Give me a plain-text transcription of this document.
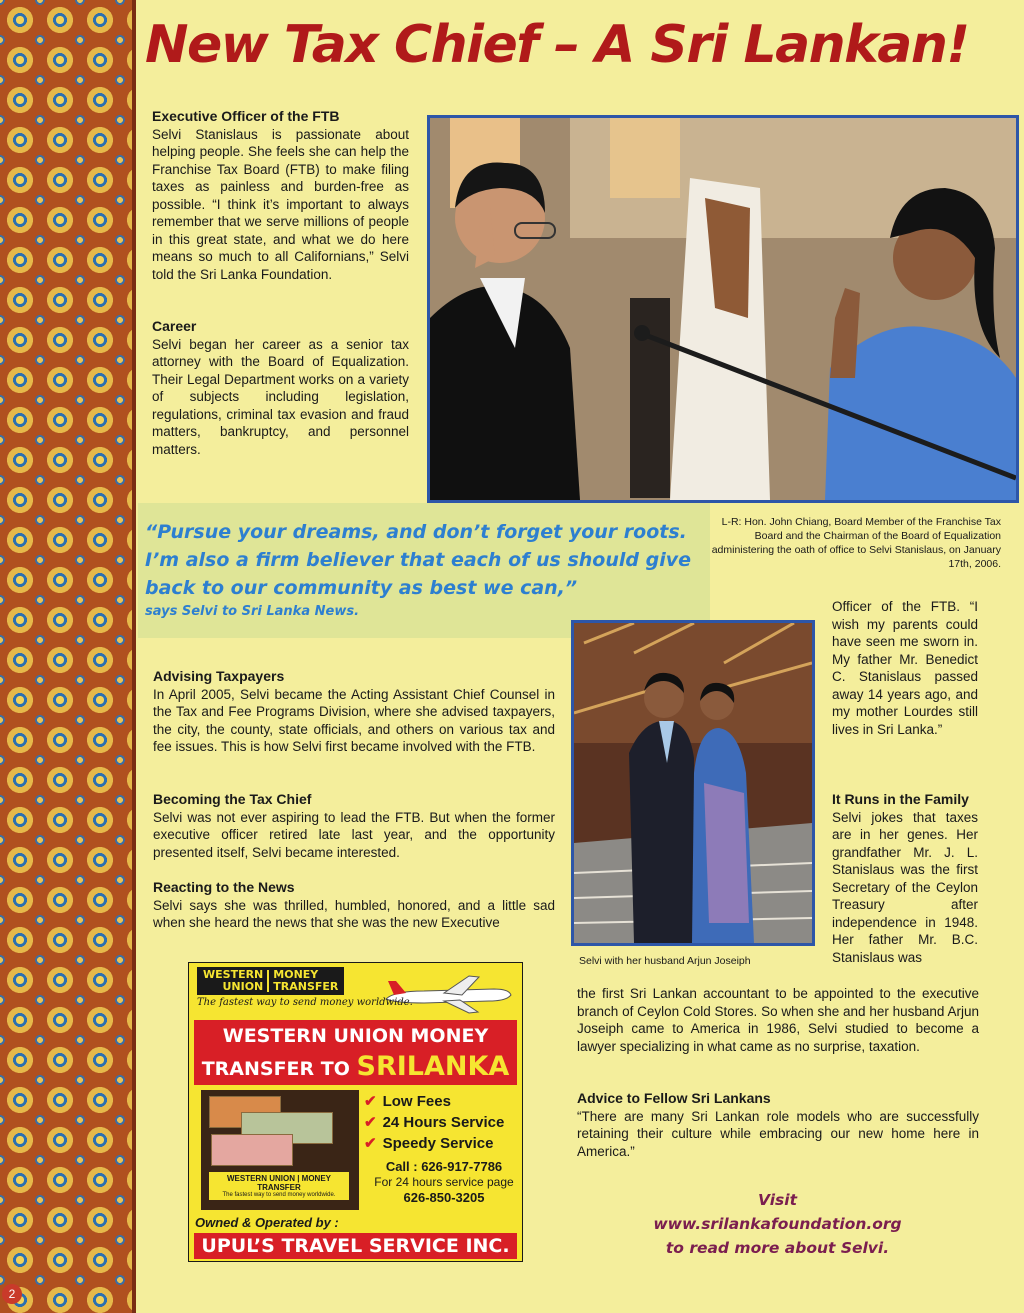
2
New Tax Chief – A Sri Lankan!
Executive Officer of the FTB

Selvi Stanislaus is passionate about helping people. She feels she can help the Franchise Tax Board (FTB) to make filing taxes as painless and burden-free as possible. “I think it’s important to always remember that we serve millions of people in this great state, and what we do here means so much to all Californians,” Selvi told the Sri Lanka Foundation.

Career

Selvi began her career as a senior tax attorney with the Board of Equalization. Their Legal Department works on a variety of subjects including legislation, regulations, criminal tax evasion and fraud matters, bankruptcy, and personnel matters.

L-R: Hon. John Chiang, Board Member of the Franchise Tax Board and the Chairman of the Board of Equalization administering the oath of office to Selvi Stanislaus, on January 17th, 2006.
“Pursue your dreams, and don’t forget your roots. I’m also a firm believer that each of us should give back to our community as best we can,”
says Selvi to Sri Lanka News.	Officer of the FTB. “I wish my parents could have seen me sworn in. My father Mr. Benedict C. Stanislaus passed away 14 years ago, and my mother Lourdes still lives in Sri Lanka.”

Selvi with her husband Arjun Joseiph
Advising Taxpayers

In April 2005, Selvi became the Acting Assistant Chief Counsel in the Tax and Fee Programs Division, where she advised taxpayers, the city, the county, state officials, and others on various tax and fee issues. This is how Selvi first became involved with the FTB.

Becoming the Tax Chief

Selvi was not ever aspiring to lead the FTB. But when the former executive officer retired late last year, and the opportunity presented itself, Selvi became interested.

Reacting to the News

Selvi says she was thrilled, humbled, honored, and a little sad when she heard the news that she was the new Executive

It Runs in the Family

Selvi jokes that taxes are in her genes. Her grandfather Mr. J. L. Stanislaus was the first Secretary of the Ceylon Treasury after independence in 1948. Her father Mr. B.C. Stanislaus was

the first Sri Lankan accountant to be appointed to the executive branch of Ceylon Cold Stores. So when she and her husband Arjun Joseiph came to America in 1986, Selvi studied to become a lawyer specializing in what came as no surprise, taxation.

Advice to Fellow Sri Lankans

“There are many Sri Lankan role models who are successfully retaining their culture while embracing our new home here in America.”

Visit
www.srilankafoundation.org
to read more about Selvi.
WESTERN
UNIONMONEY
TRANSFER
The fastest way to send money worldwide.
WESTERN UNION MONEY
TRANSFER TO SRILANKA
WESTERN UNION | MONEY TRANSFER
The fastest way to send money worldwide.
✔ Low Fees
✔ 24 Hours Service
✔ Speedy Service
Call : 626-917-7786
For 24 hours service page
626-850-3205
Owned & Operated by :
UPUL’S TRAVEL SERVICE INC.
